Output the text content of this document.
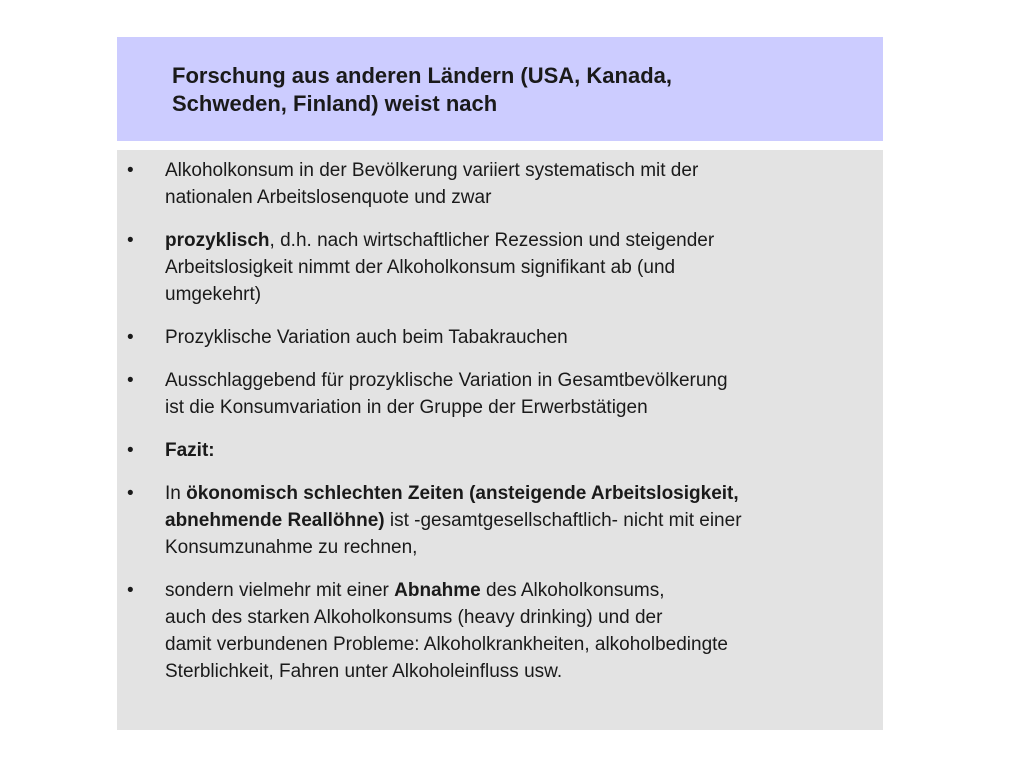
Forschung aus anderen Ländern (USA, Kanada,
Schweden, Finland) weist nach
•	Alkoholkonsum in der Bevölkerung variiert systematisch mit der
nationalen Arbeitslosenquote und zwar
•	prozyklisch, d.h. nach wirtschaftlicher Rezession und steigender
Arbeitslosigkeit nimmt der Alkoholkonsum signifikant ab (und
umgekehrt)
•	Prozyklische Variation auch beim Tabakrauchen
•	Ausschlaggebend für prozyklische Variation in Gesamtbevölkerung
ist die Konsumvariation in der Gruppe der Erwerbstätigen
•	Fazit:
•	In ökonomisch schlechten Zeiten (ansteigende Arbeitslosigkeit,
abnehmende Reallöhne) ist -gesamtgesellschaftlich- nicht mit einer
Konsumzunahme zu rechnen,
•	sondern vielmehr mit einer Abnahme des Alkoholkonsums,
auch des starken Alkoholkonsums (heavy drinking) und der
damit verbundenen Probleme: Alkoholkrankheiten, alkoholbedingte
Sterblichkeit, Fahren unter Alkoholeinfluss usw.
